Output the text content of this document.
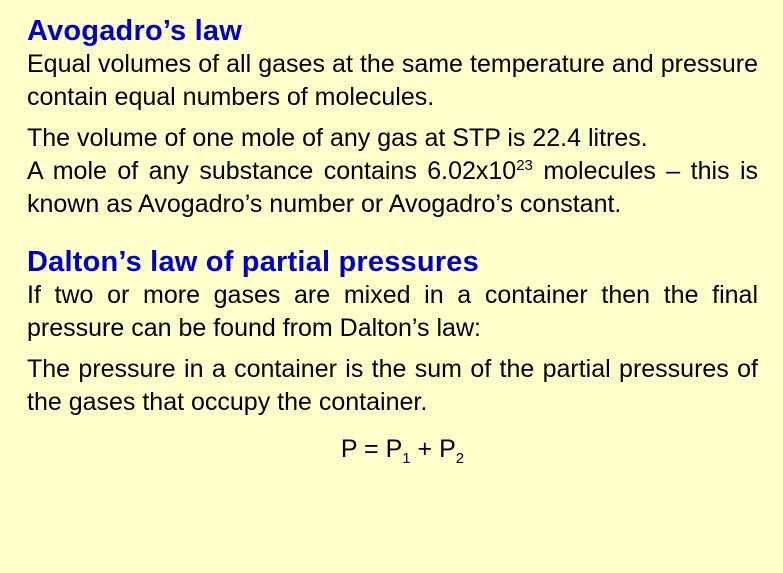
Avogadro’s law

Equal volumes of all gases at the same temperature and pressure contain equal numbers of molecules.

The volume of one mole of any gas at STP is 22.4 litres.
A mole of any substance contains $6.02x10^{23}$ molecules – this is known as Avogadro’s number or Avogadro’s constant.

Dalton’s law of partial pressures

If two or more gases are mixed in a container then the final pressure can be found from Dalton’s law:

The pressure in a container is the sum of the partial pressures of the gases that occupy the container.

$P = P_1 + P_2$
